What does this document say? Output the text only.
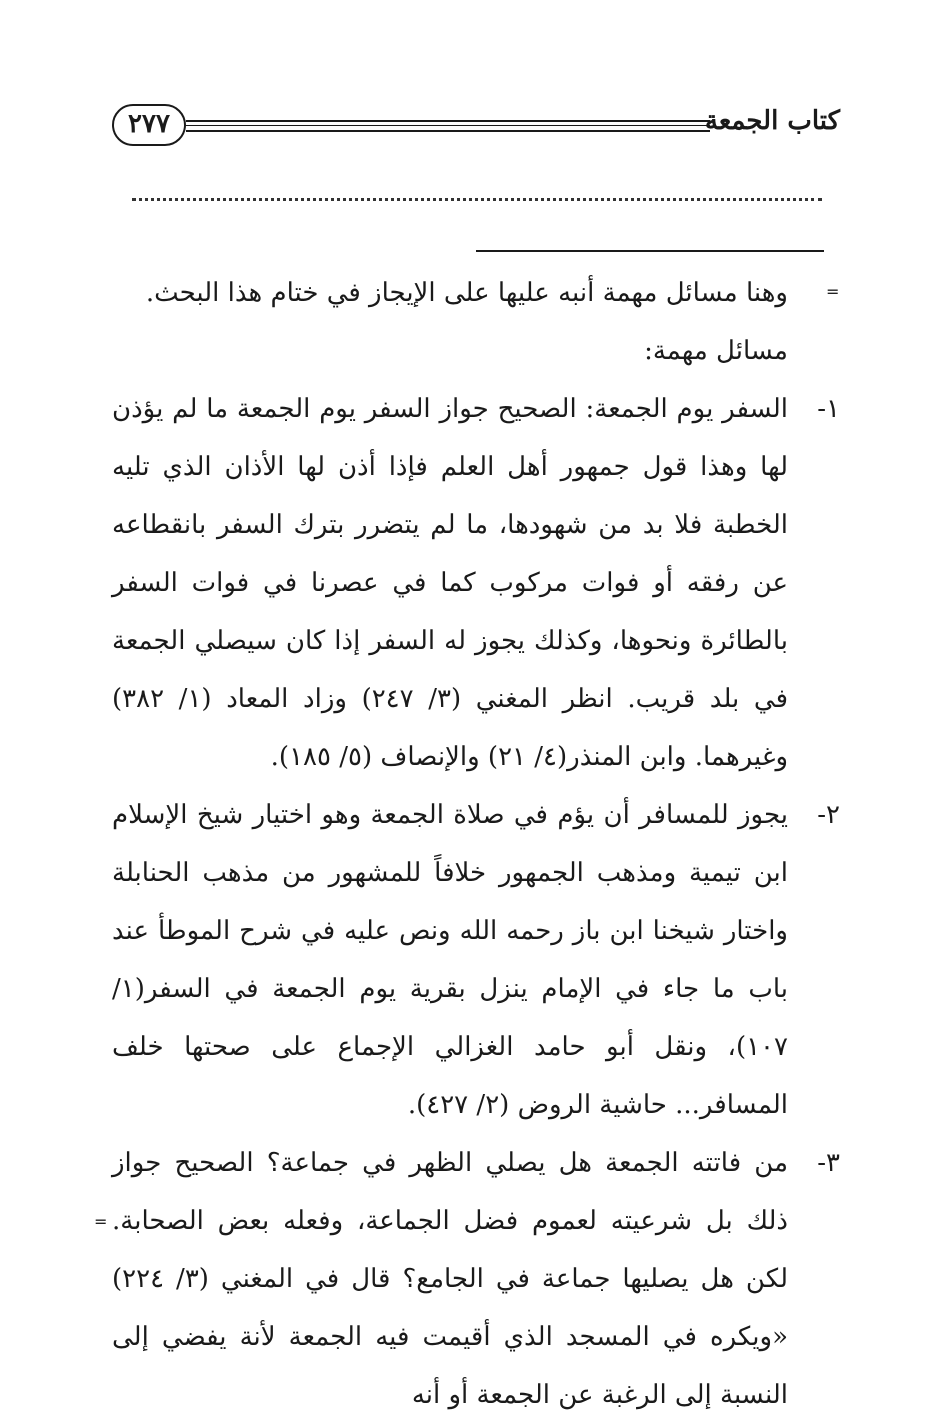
٢٧٧	كتاب الجمعة
=
=

وهنا مسائل مهمة أنبه عليها على الإيجاز في ختام هذا البحث.

مسائل مهمة:

١-
السفر يوم الجمعة: الصحيح جواز السفر يوم الجمعة ما لم يؤذن لها وهذا قول جمهور أهل العلم فإذا أذن لها الأذان الذي تليه الخطبة فلا بد من شهودها، ما لم يتضرر بترك السفر بانقطاعه عن رفقه أو فوات مركوب كما في عصرنا في فوات السفر بالطائرة ونحوها، وكذلك يجوز له السفر إذا كان سيصلي الجمعة في بلد قريب. انظر المغني (٣/ ٢٤٧) وزاد المعاد (١/ ٣٨٢) وغيرهما. وابن المنذر(٤/ ٢١) والإنصاف (٥/ ١٨٥).
٢-
يجوز للمسافر أن يؤم في صلاة الجمعة وهو اختيار شيخ الإسلام ابن تيمية ومذهب الجمهور خلافاً للمشهور من مذهب الحنابلة واختار شيخنا ابن باز رحمه الله ونص عليه في شرح الموطأ عند باب ما جاء في الإمام ينزل بقرية يوم الجمعة في السفر(١/ ١٠٧)، ونقل أبو حامد الغزالي الإجماع على صحتها خلف المسافر... حاشية الروض (٢/ ٤٢٧).
٣-
من فاتته الجمعة هل يصلي الظهر في جماعة؟ الصحيح جواز ذلك بل شرعيته لعموم فضل الجماعة، وفعله بعض الصحابة. لكن هل يصليها جماعة في الجامع؟ قال في المغني (٣/ ٢٢٤) «ويكره في المسجد الذي أقيمت فيه الجمعة لأنة يفضي إلى النسبة إلى الرغبة عن الجمعة أو أنه
